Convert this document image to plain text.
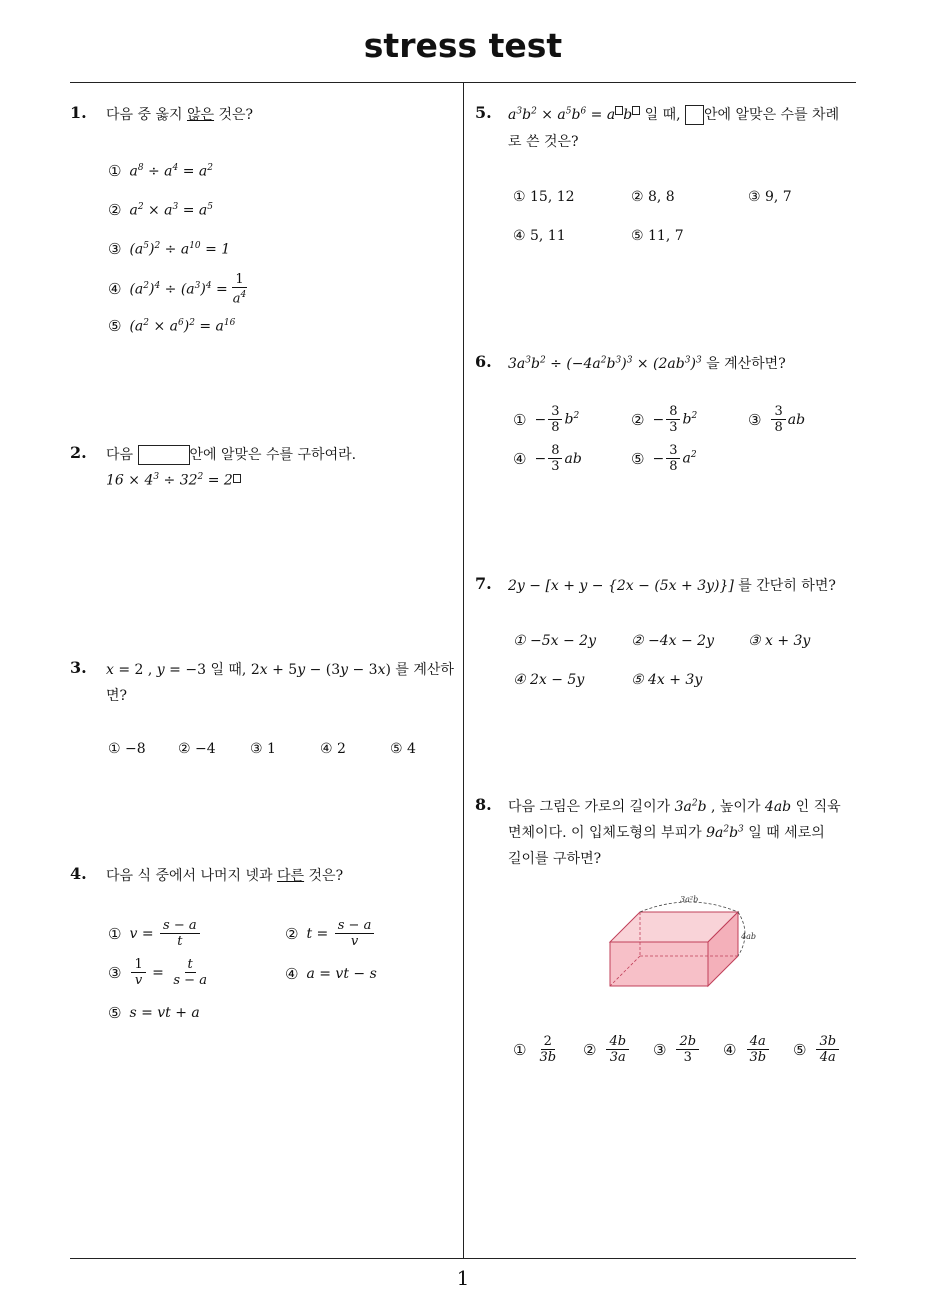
stress test
1
1. 다음 중 옳지 않은 것은?
① $a^8 \div a^4 = a^2$
② $a^2 \times a^3 = a^5$
③ $(a^5)^2 \div a^{10} = 1$
④ $(a^2)^4 \div (a^3)^4 = \frac{1}{a^4}$
⑤ $(a^2 \times a^6)^2 = a^{16}$
2. 다음	안에 알맞은 수를 구하여라.
$16 \times 4^3 \div 32^2 = 2$
3. x = 2 , y = −3 일 때, 2x + 5y − (3y − 3x) 를 계산하
면?
① −8 ② −4 ③ 1	④ 2	⑤ 4
4. 다음 식 중에서 나머지 넷과 다른 것은?
① $v = \frac{s - a}{t}$	② $t = \frac{s - a}{v}$
③ $\frac{1}{v} = \frac{t}{s - a}$	④ a = vt − s
⑤ s = vt + a
5. $a^3b^2 \times a^5b^6 = a$ b 일 때, 안에 알맞은 수를 차례
로 쓴 것은?
① 15, 12	② 8, 8	③ 9, 7
④ 5, 11	⑤ 11, 7
6. $3a^3b^2 \div (-4a^2b^3)^3 \times (2ab^3)^3$ 을 계산하면?
① − $\frac{3}{8} b^2$	② − $\frac{8}{3} b^2$	③ $\frac{3}{8}$ ab
④ − $\frac{8}{3}$ ab	⑤ − $\frac{3}{8} a^2$
7. 2y − [x + y − {2x − (5x + 3y)}] 를 간단히 하면?
① −5x − 2y	② −4x − 2y ③ x + 3y
④ 2x − 5y	⑤ 4x + 3y
8. 다음 그림은 가로의 길이가 $3a^2b$ , 높이가 4ab 인 직육
면체이다. 이 입체도형의 부피가 $9a^2b^3$ 일 때 세로의
길이를 구하면?
3a²b
4ab
① $\frac{2}{3b}$ ② $\frac{4b}{3a}$ ③ $\frac{2b}{3}$ ④ $\frac{4a}{3b}$ ⑤ $\frac{3b}{4a}$
